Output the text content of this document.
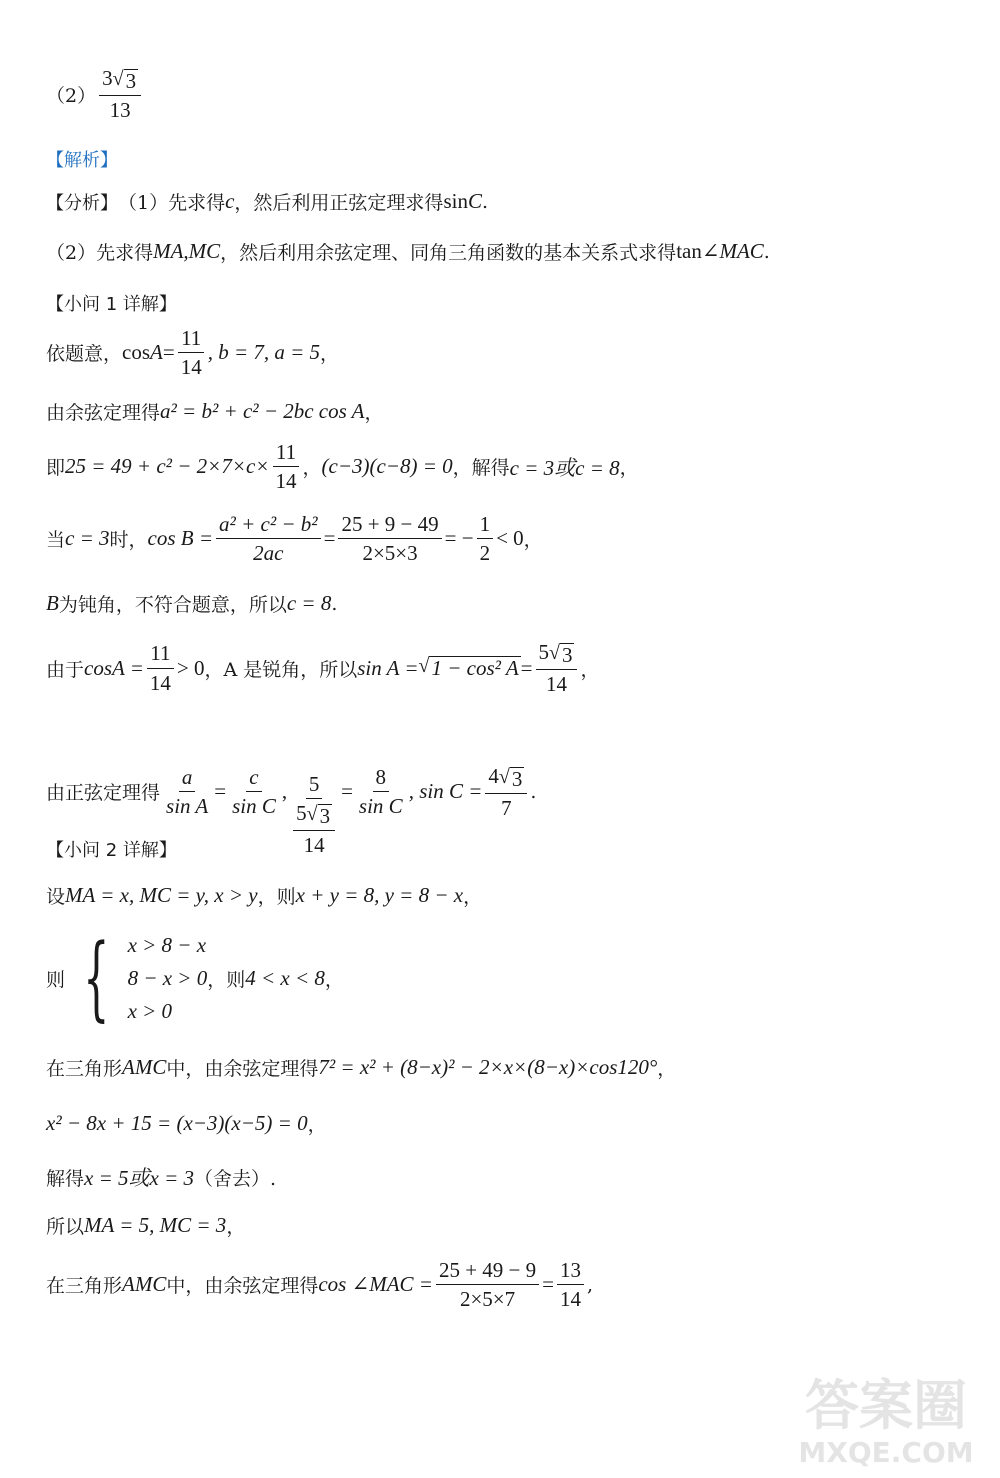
$(2) \frac{3 √ 3}{13}$
【解析】
【分析】 （1）先求得 c ，然后利用正弦定理求得 sin C .
（2）先求得 MA,MC ，然后利用余弦定理、同角三角函数的基本关系式求得 tan∠ MAC .
【小问 1 详解】
依题意， $\cos A = \frac{11}{14}$ , b = 7, a = 5 ，
由余弦定理得 a² = b² + c² − 2bc cos A ，
即 $25 = 49 + c^2 - 2\times 7\times c\times \frac{11}{14}$ ， (c−3)(c−8) = 0 ，解得 c = 3或c = 8 ，
当 c = 3 时， $\cos B = \frac{\text{a² + c² − b²}}{2ac} = \frac{25 + 9 - 49}{2\times 5\times 3}$ = − $\frac{1}{2} < 0$ ，
B 为钝角，不符合题意，所以 c = 8 .
由于 $\cos A = \frac{11}{14} > 0$ ，A 是锐角，所以 sin A = √ 1 − cos² $A = \frac{5 √ 3}{14}$ ，
由正弦定理得 $\frac{a}{\text{sin A}} = \frac{c}{\text{sin C}}$ , $\frac{5}{\frac{5 √ 3}{14}} = \frac{8}{\text{sin C}}$ , $\sin C = \frac{4 √ 3}{7}$ .
【小问 2 详解】
设 MA = x, MC = y, x > y ，则 x + y = 8, y = 8 − x ，
则 { x > 8 − x
8 − x > 0
x > 0
，则 4 < x < 8 ，
在三角形 AMC 中，由余弦定理得 7² = x² + (8−x)² − 2×x×(8−x)×cos120° ，
x² − 8x + 15 = (x−3)(x−5) = 0 ，
解得 x = 5或x = 3 （舍去）.
所以 MA = 5, MC = 3 ，
在三角形 AMC 中，由余弦定理得 cos ∠MAC = $\frac{25 + 49 - 9}{2\times 5\times 7} = \frac{13}{14}$ ,
答案圈
MXQE.COM
